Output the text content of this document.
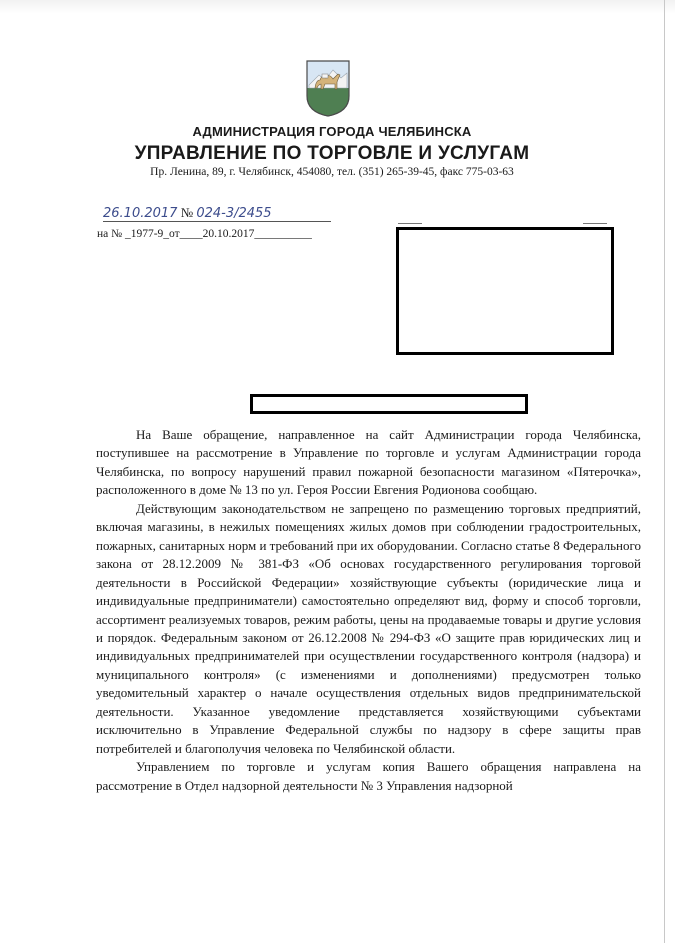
АДМИНИСТРАЦИЯ ГОРОДА ЧЕЛЯБИНСКА
УПРАВЛЕНИЕ ПО ТОРГОВЛЕ И УСЛУГАМ
Пр. Ленина, 89, г. Челябинск, 454080, тел. (351) 265-39-45, факс 775-03-63
26.10.2017 № 024-3/2455
на № _1977-9_от____20.10.2017__________

На Ваше обращение, направленное на сайт Администрации города Челябинска, поступившее на рассмотрение в Управление по торговле и услугам Администрации города Челябинска, по вопросу нарушений правил пожарной безопасности магазином «Пятерочка», расположенного в доме № 13 по ул. Героя России Евгения Родионова сообщаю.

Действующим законодательством не запрещено по размещению торговых предприятий, включая магазины, в нежилых помещениях жилых домов при соблюдении градостроительных, пожарных, санитарных норм и требований при их оборудовании. Согласно статье 8 Федерального закона от 28.12.2009 № 381-ФЗ «Об основах государственного регулирования торговой деятельности в Российской Федерации» хозяйствующие субъекты (юридические лица и индивидуальные предприниматели) самостоятельно определяют вид, форму и способ торговли, ассортимент реализуемых товаров, режим работы, цены на продаваемые товары и другие условия и порядок. Федеральным законом от 26.12.2008 № 294-ФЗ «О защите прав юридических лиц и индивидуальных предпринимателей при осуществлении государственного контроля (надзора) и муниципального контроля» (с изменениями и дополнениями) предусмотрен только уведомительный характер о начале осуществления отдельных видов предпринимательской деятельности. Указанное уведомление представляется хозяйствующими субъектами исключительно в Управление Федеральной службы по надзору в сфере защиты прав потребителей и благополучия человека по Челябинской области.

Управлением по торговле и услугам копия Вашего обращения направлена на рассмотрение в Отдел надзорной деятельности № 3 Управления надзорной
